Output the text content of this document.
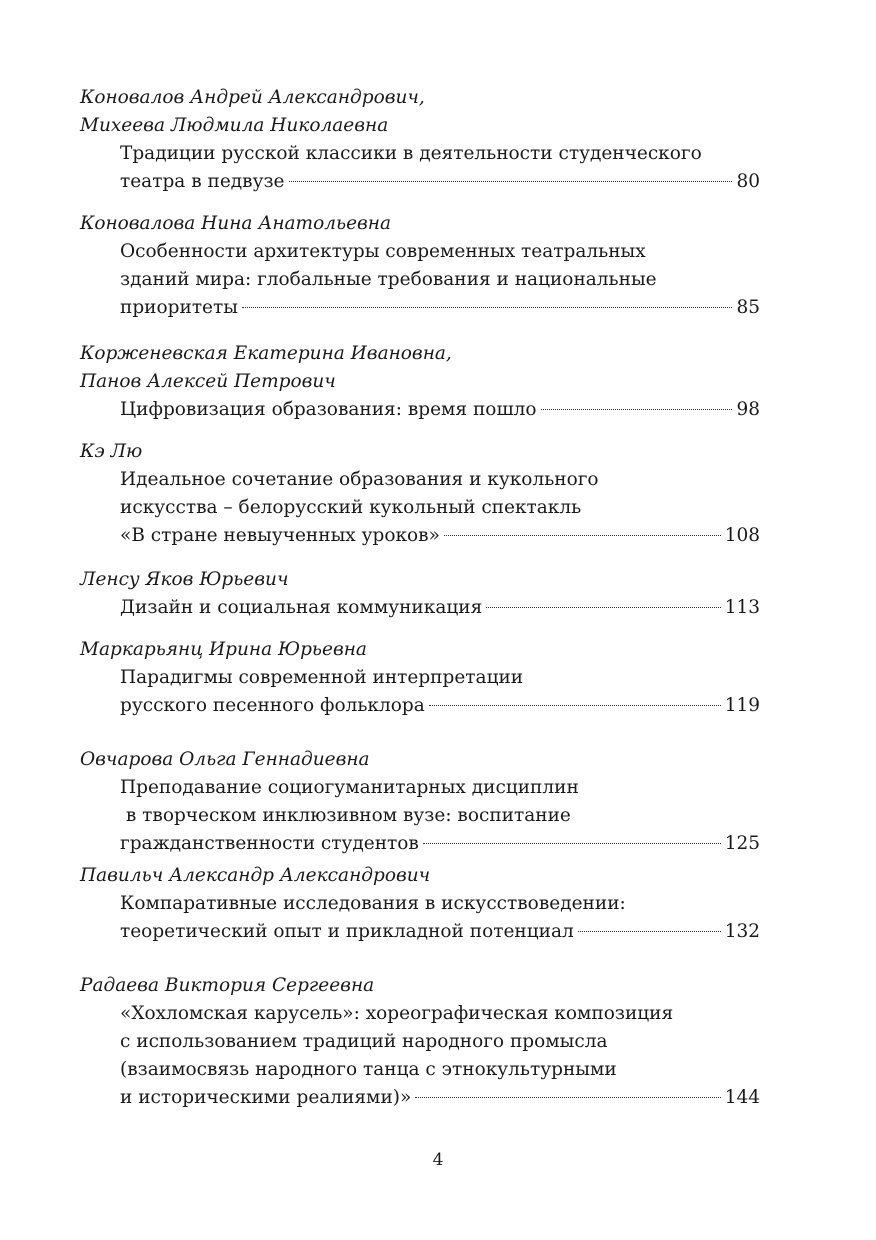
Коновалов Андрей Александрович,
Михеева Людмила Николаевна
Традиции русской классики в деятельности студенческого
театра в педвузе	80
Коновалова Нина Анатольевна
Особенности архитектуры современных театральных
зданий мира: глобальные требования и национальные
приоритеты	85
Корженевская Екатерина Ивановна,
Панов Алексей Петрович
Цифровизация образования: время пошло	98
Кэ Лю
Идеальное сочетание образования и кукольного
искусства – белорусский кукольный спектакль
«В стране невыученных уроков»	108
Ленсу Яков Юрьевич
Дизайн и социальная коммуникация	113
Маркарьянц Ирина Юрьевна
Парадигмы современной интерпретации
русского песенного фольклора	119
Овчарова Ольга Геннадиевна
Преподавание социогуманитарных дисциплин
в творческом инклюзивном вузе: воспитание
гражданственности студентов	125
Павильч Александр Александрович
Компаративные исследования в искусствоведении:
теоретический опыт и прикладной потенциал	132
Радаева Виктория Сергеевна
«Хохломская карусель»: хореографическая композиция
с использованием традиций народного промысла
(взаимосвязь народного танца с этнокультурными
и историческими реалиями)»	144
4
